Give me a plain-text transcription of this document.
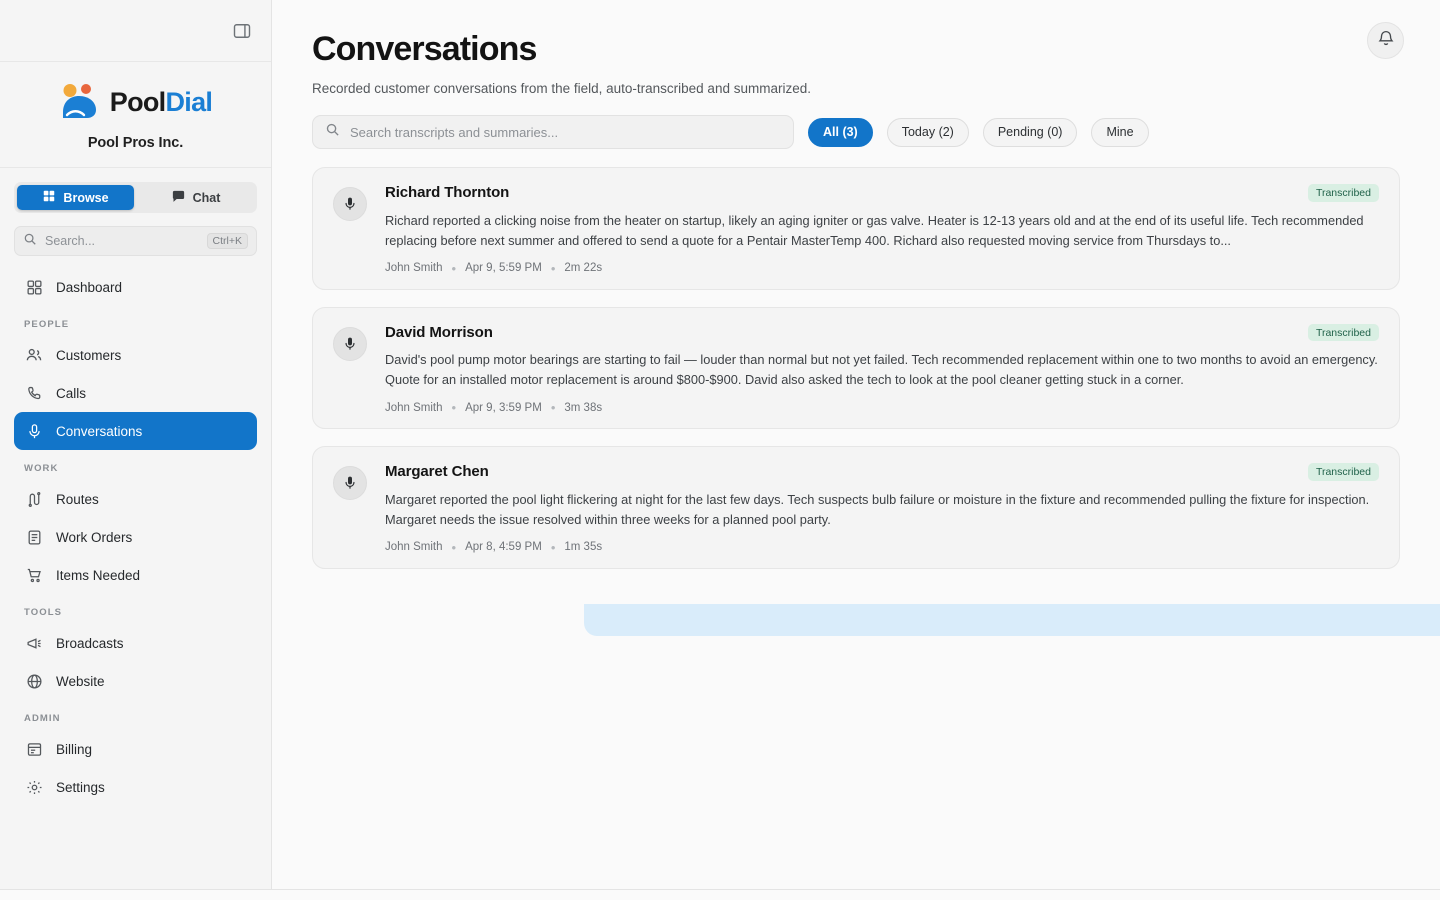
PoolDial
Pool Pros Inc.
Browse	Chat
Search...	Ctrl+K
Dashboard
PEOPLE
Customers
Calls
Conversations
WORK
Routes
Work Orders
Items Needed
TOOLS
Broadcasts
Website
ADMIN
Billing
Settings
Conversations
Recorded customer conversations from the field, auto-transcribed and summarized.
Search transcripts and summaries...	All (3)	Today (2)	Pending (0)	Mine
Richard Thornton	Transcribed
Richard reported a clicking noise from the heater on startup, likely an aging igniter or gas valve. Heater is 12-13 years old and at the end of its useful life. Tech recommended replacing before next summer and offered to send a quote for a Pentair MasterTemp 400. Richard also requested moving service from Thursdays to...
John Smith • Apr 9, 5:59 PM • 2m 22s
David Morrison	Transcribed
David's pool pump motor bearings are starting to fail — louder than normal but not yet failed. Tech recommended replacement within one to two months to avoid an emergency. Quote for an installed motor replacement is around $800-$900. David also asked the tech to look at the pool cleaner getting stuck in a corner.
John Smith • Apr 9, 3:59 PM • 3m 38s
Margaret Chen	Transcribed
Margaret reported the pool light flickering at night for the last few days. Tech suspects bulb failure or moisture in the fixture and recommended pulling the fixture for inspection. Margaret needs the issue resolved within three weeks for a planned pool party.
John Smith • Apr 8, 4:59 PM • 1m 35s
